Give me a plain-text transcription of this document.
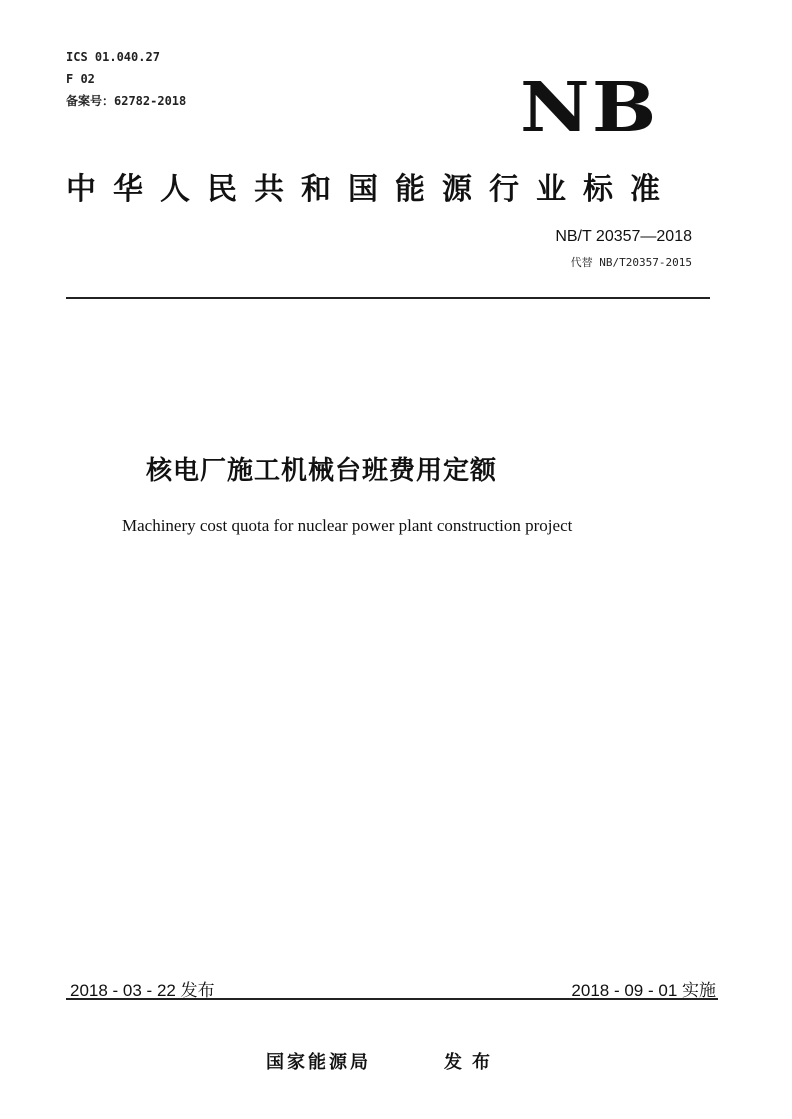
ICS 01.040.27
F 02
备案号：62782-2018	NB
中华人民共和国能源行业标准
NB/T 20357—2018
代替 NB/T20357-2015
核电厂施工机械台班费用定额
Machinery cost quota for nuclear power plant construction project
2018 - 03 - 22 发布	2018 - 09 - 01 实施
国家能源局	发布
